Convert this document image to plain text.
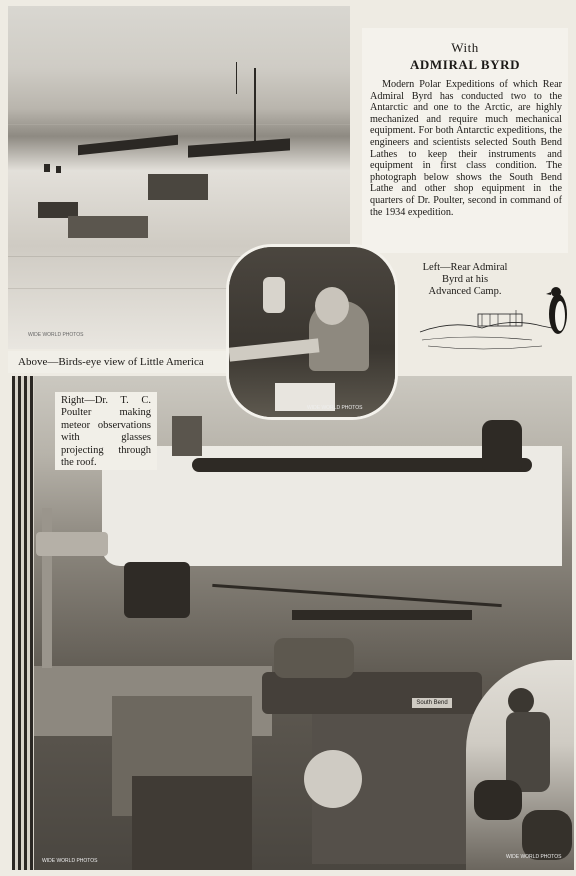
WIDE WORLD PHOTOS
Above—Birds-eye view of Little America
With
ADMIRAL BYRD

Modern Polar Expeditions of which Rear Admiral Byrd has conducted two to the Antarctic and one to the Arctic, are highly mechanized and require much mechanical equipment. For both Antarctic expeditions, the engineers and scientists selected South Bend Lathes to keep their instruments and equipment in first class condition. The photograph below shows the South Bend Lathe and other shop equipment in the quarters of Dr. Poulter, second in command of the 1934 expedition.

Left—Rear Admiral Byrd at his Advanced Camp.
South Bend
WIDE WORLD PHOTOS
Right—Dr. T. C. Poulter making meteor observations with glasses projecting through the roof.
WIDE WORLD PHOTOS
WIDE WORLD PHOTOS
